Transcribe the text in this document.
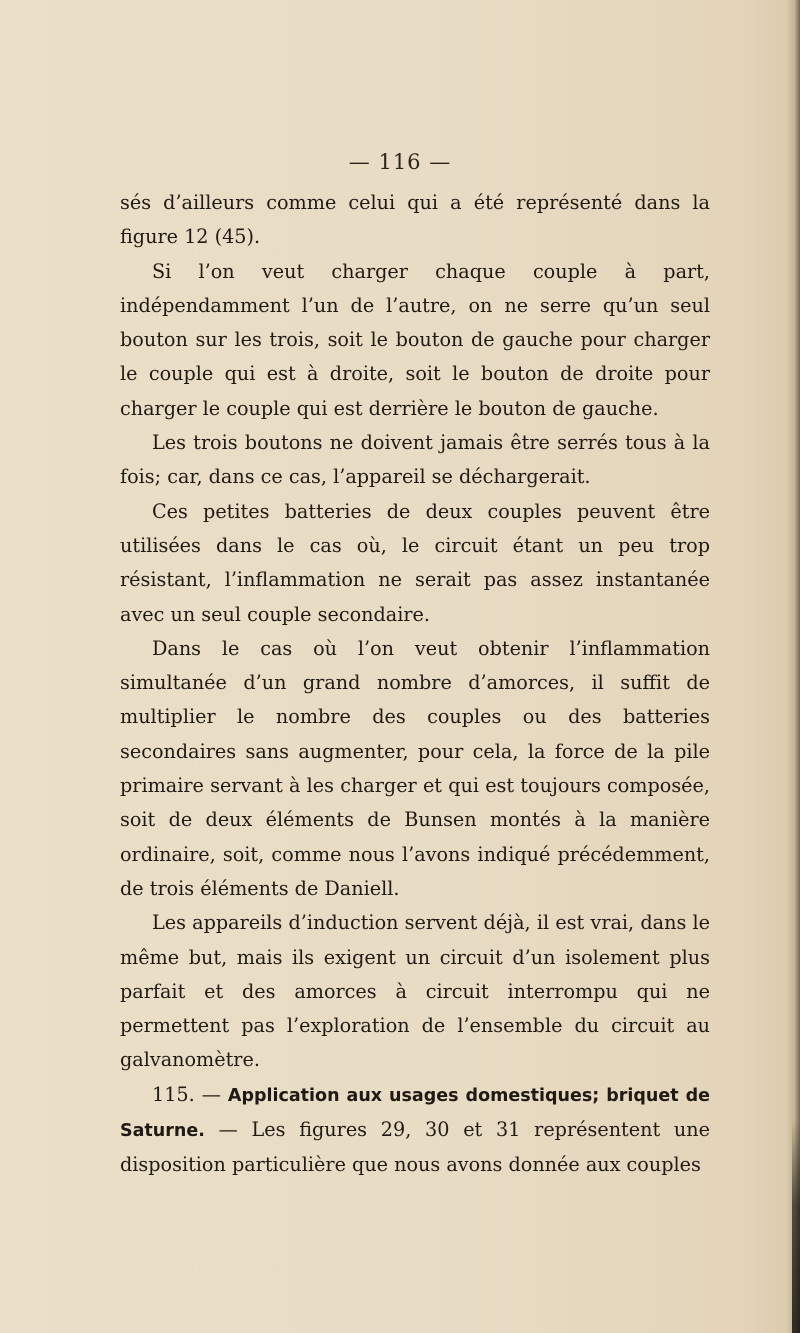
— 116 —

sés d’ailleurs comme celui qui a été représenté dans la figure 12 (45).

Si l’on veut charger chaque couple à part, indépendamment l’un de l’autre, on ne serre qu’un seul bouton sur les trois, soit le bouton de gauche pour charger le couple qui est à droite, soit le bouton de droite pour charger le couple qui est derrière le bouton de gauche.

Les trois boutons ne doivent jamais être serrés tous à la fois; car, dans ce cas, l’appareil se déchargerait.

Ces petites batteries de deux couples peuvent être utilisées dans le cas où, le circuit étant un peu trop résistant, l’inflammation ne serait pas assez instantanée avec un seul couple secondaire.

Dans le cas où l’on veut obtenir l’inflammation simultanée d’un grand nombre d’amorces, il suffit de multiplier le nombre des couples ou des batteries secondaires sans augmenter, pour cela, la force de la pile primaire servant à les charger et qui est toujours composée, soit de deux éléments de Bunsen montés à la manière ordinaire, soit, comme nous l’avons indiqué précédemment, de trois éléments de Daniell.

Les appareils d’induction servent déjà, il est vrai, dans le même but, mais ils exigent un circuit d’un isolement plus parfait et des amorces à circuit interrompu qui ne permettent pas l’exploration de l’ensemble du circuit au galvanomètre.

115. — Application aux usages domestiques; briquet de Saturne. — Les figures 29, 30 et 31 représentent une disposition particulière que nous avons donnée aux couples
